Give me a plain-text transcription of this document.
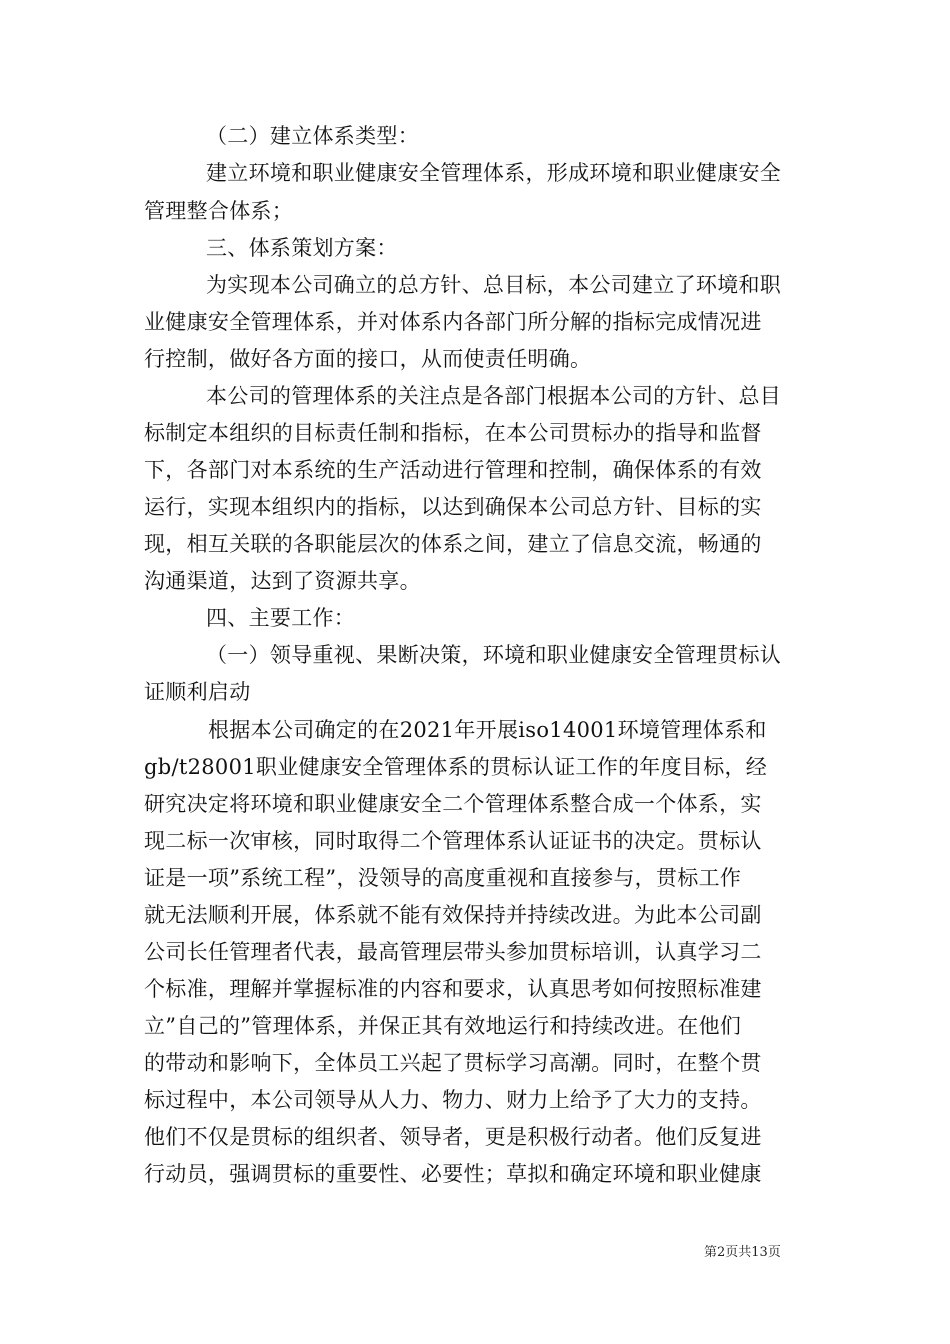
（二）建立体系类型：
建立环境和职业健康安全管理体系，形成环境和职业健康安全
管理整合体系；
三、体系策划方案：
为实现本公司确立的总方针、总目标，本公司建立了环境和职
业健康安全管理体系，并对体系内各部门所分解的指标完成情况进
行控制，做好各方面的接口，从而使责任明确。
本公司的管理体系的关注点是各部门根据本公司的方针、总目
标制定本组织的目标责任制和指标，在本公司贯标办的指导和监督
下，各部门对本系统的生产活动进行管理和控制，确保体系的有效
运行，实现本组织内的指标，以达到确保本公司总方针、目标的实
现，相互关联的各职能层次的体系之间，建立了信息交流，畅通的
沟通渠道，达到了资源共享。
四、主要工作：
（一）领导重视、果断决策，环境和职业健康安全管理贯标认
证顺利启动
根据本公司确定的在2021年开展iso14001环境管理体系和
gb/t28001职业健康安全管理体系的贯标认证工作的年度目标，经
研究决定将环境和职业健康安全二个管理体系整合成一个体系，实
现二标一次审核，同时取得二个管理体系认证证书的决定。贯标认
证是一项”系统工程”，没领导的高度重视和直接参与，贯标工作
就无法顺利开展，体系就不能有效保持并持续改进。为此本公司副
公司长任管理者代表，最高管理层带头参加贯标培训，认真学习二
个标准，理解并掌握标准的内容和要求，认真思考如何按照标准建
立”自己的”管理体系，并保正其有效地运行和持续改进。在他们
的带动和影响下，全体员工兴起了贯标学习高潮。同时，在整个贯
标过程中，本公司领导从人力、物力、财力上给予了大力的支持。
他们不仅是贯标的组织者、领导者，更是积极行动者。他们反复进
行动员，强调贯标的重要性、必要性；草拟和确定环境和职业健康
第2页共13页
